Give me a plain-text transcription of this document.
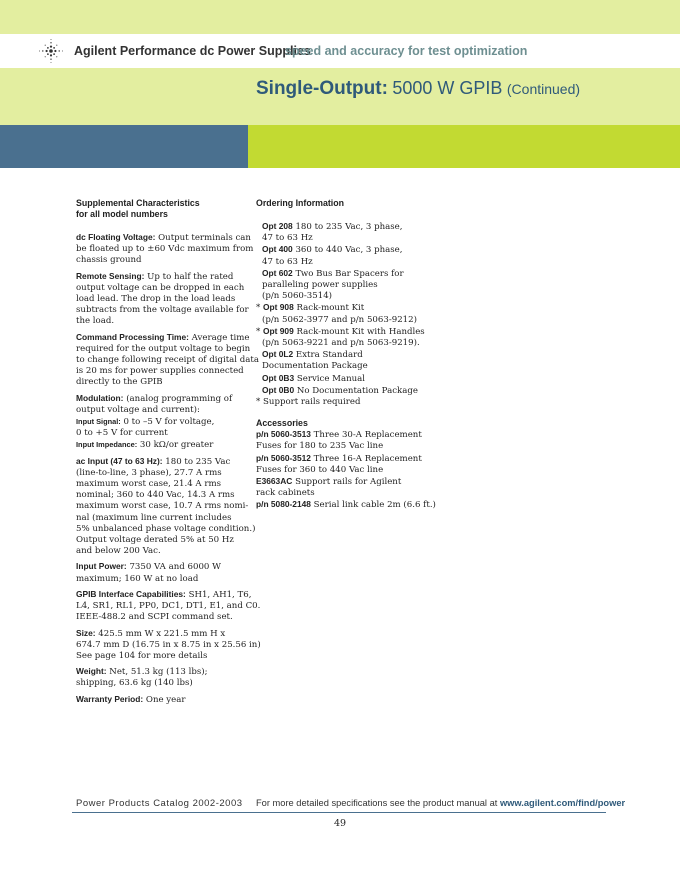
Agilent Performance dc Power Supplies
speed and accuracy for test optimization
Single-Output: 5000 W GPIB (Continued)
Supplemental Characteristics
for all model numbers
dc Floating Voltage: Output terminals can
be floated up to ±60 Vdc maximum from
chassis ground
Remote Sensing: Up to half the rated
output voltage can be dropped in each
load lead. The drop in the load leads
subtracts from the voltage available for
the load.
Command Processing Time: Average time
required for the output voltage to begin
to change following receipt of digital data
is 20 ms for power supplies connected
directly to the GPIB
Modulation: (analog programming of
output voltage and current):
Input Signal: 0 to –5 V for voltage,
0 to +5 V for current
Input Impedance: 30 kΩ/or greater
ac Input (47 to 63 Hz): 180 to 235 Vac
(line-to-line, 3 phase), 27.7 A rms
maximum worst case, 21.4 A rms
nominal; 360 to 440 Vac, 14.3 A rms
maximum worst case, 10.7 A rms nomi-
nal (maximum line current includes
5% unbalanced phase voltage condition.)
Output voltage derated 5% at 50 Hz
and below 200 Vac.
Input Power: 7350 VA and 6000 W
maximum; 160 W at no load
GPIB Interface Capabilities: SH1, AH1, T6,
L4, SR1, RL1, PP0, DC1, DT1, E1, and C0.
IEEE-488.2 and SCPI command set.
Size: 425.5 mm W x 221.5 mm H x
674.7 mm D (16.75 in x 8.75 in x 25.56 in)
See page 104 for more details
Weight: Net, 51.3 kg (113 lbs);
shipping, 63.6 kg (140 lbs)
Warranty Period: One year
Ordering Information
Opt 208 180 to 235 Vac, 3 phase,
47 to 63 Hz
Opt 400 360 to 440 Vac, 3 phase,
47 to 63 Hz
Opt 602 Two Bus Bar Spacers for
paralleling power supplies
(p/n 5060-3514)
* Opt 908 Rack-mount Kit
(p/n 5062-3977 and p/n 5063-9212)
* Opt 909 Rack-mount Kit with Handles
(p/n 5063-9221 and p/n 5063-9219).
Opt 0L2 Extra Standard
Documentation Package
Opt 0B3 Service Manual
Opt 0B0 No Documentation Package
* Support rails required
Accessories
p/n 5060-3513 Three 30-A Replacement
Fuses for 180 to 235 Vac line
p/n 5060-3512 Three 16-A Replacement
Fuses for 360 to 440 Vac line
E3663AC Support rails for Agilent
rack cabinets
p/n 5080-2148 Serial link cable 2m (6.6 ft.)
Power Products Catalog 2002-2003 For more detailed specifications see the product manual at www.agilent.com/find/power
49
